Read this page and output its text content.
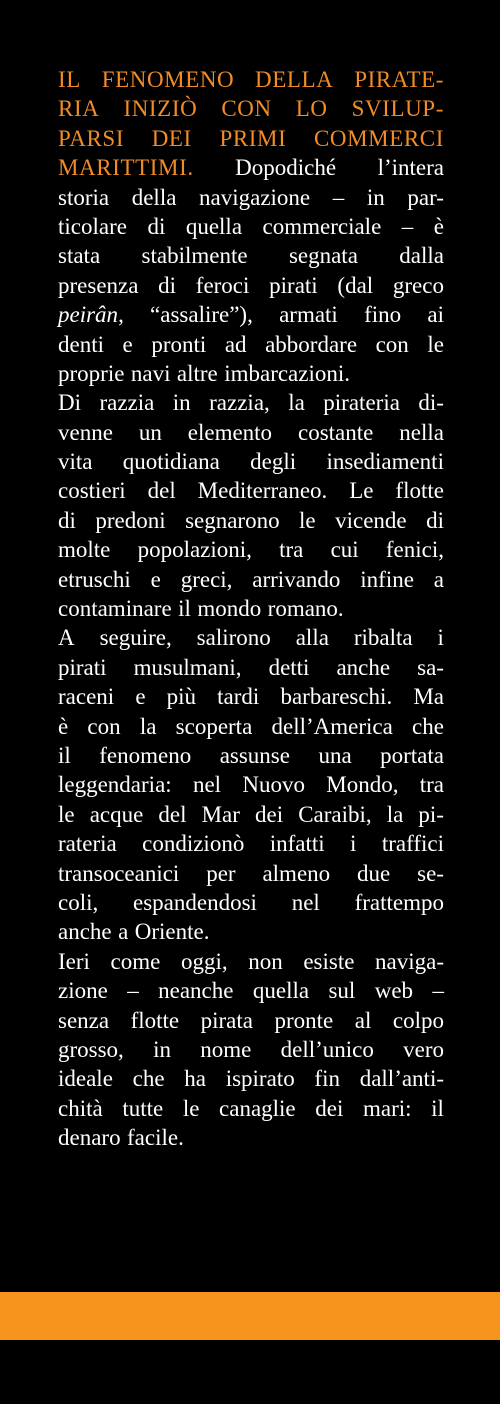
IL FENOMENO DELLA PIRATE-
RIA INIZIÒ CON LO SVILUP-
PARSI DEI PRIMI COMMERCI
MARITTIMI. Dopodiché l’intera
storia della navigazione – in par-
ticolare di quella commerciale – è
stata stabilmente segnata dalla
presenza di feroci pirati (dal greco
peirân, “assalire”), armati fino ai
denti e pronti ad abbordare con le
proprie navi altre imbarcazioni.
Di razzia in razzia, la pirateria di-
venne un elemento costante nella
vita quotidiana degli insediamenti
costieri del Mediterraneo. Le flotte
di predoni segnarono le vicende di
molte popolazioni, tra cui fenici,
etruschi e greci, arrivando infine a
contaminare il mondo romano.
A seguire, salirono alla ribalta i
pirati musulmani, detti anche sa-
raceni e più tardi barbareschi. Ma
è con la scoperta dell’America che
il fenomeno assunse una portata
leggendaria: nel Nuovo Mondo, tra
le acque del Mar dei Caraibi, la pi-
rateria condizionò infatti i traffici
transoceanici per almeno due se-
coli, espandendosi nel frattempo
anche a Oriente.
Ieri come oggi, non esiste naviga-
zione – neanche quella sul web –
senza flotte pirata pronte al colpo
grosso, in nome dell’unico vero
ideale che ha ispirato fin dall’anti-
chità tutte le canaglie dei mari: il
denaro facile.
